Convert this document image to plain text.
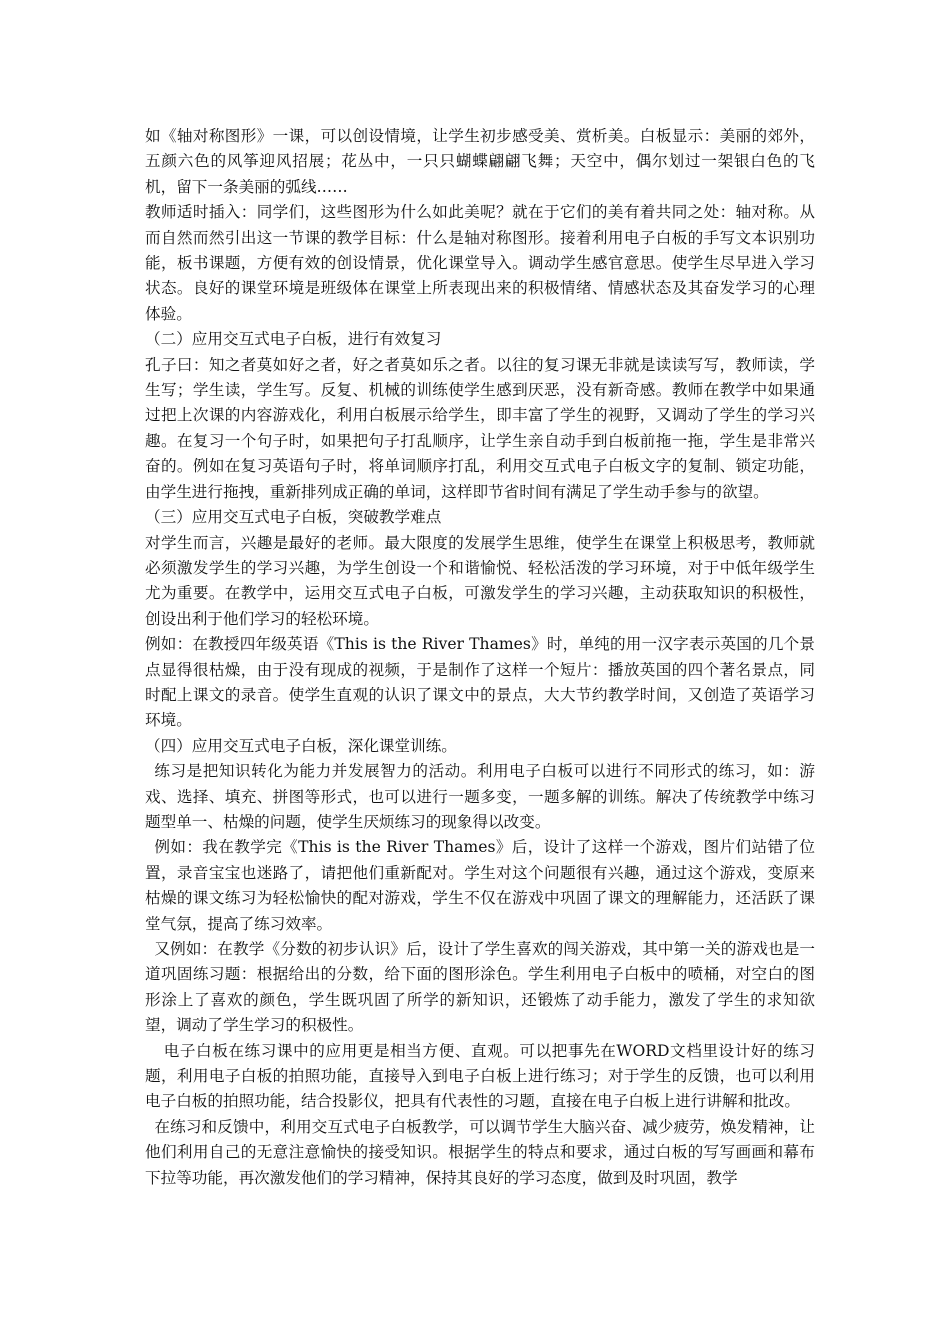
如《轴对称图形》一课，可以创设情境，让学生初步感受美、赏析美。白板显示：美丽的郊外，五颜六色的风筝迎风招展；花丛中，一只只蝴蝶翩翩飞舞；天空中，偶尔划过一架银白色的飞机，留下一条美丽的弧线……

教师适时插入：同学们，这些图形为什么如此美呢？就在于它们的美有着共同之处：轴对称。从而自然而然引出这一节课的教学目标：什么是轴对称图形。接着利用电子白板的手写文本识别功能，板书课题，方便有效的创设情景，优化课堂导入。调动学生感官意思。使学生尽早进入学习状态。良好的课堂环境是班级体在课堂上所表现出来的积极情绪、情感状态及其奋发学习的心理体验。

（二）应用交互式电子白板，进行有效复习

孔子曰：知之者莫如好之者，好之者莫如乐之者。以往的复习课无非就是读读写写，教师读，学生写；学生读，学生写。反复、机械的训练使学生感到厌恶，没有新奇感。教师在教学中如果通过把上次课的内容游戏化，利用白板展示给学生，即丰富了学生的视野，又调动了学生的学习兴趣。在复习一个句子时，如果把句子打乱顺序，让学生亲自动手到白板前拖一拖，学生是非常兴奋的。例如在复习英语句子时，将单词顺序打乱，利用交互式电子白板文字的复制、锁定功能，由学生进行拖拽，重新排列成正确的单词，这样即节省时间有满足了学生动手参与的欲望。

（三）应用交互式电子白板，突破教学难点

对学生而言，兴趣是最好的老师。最大限度的发展学生思维，使学生在课堂上积极思考，教师就必须激发学生的学习兴趣，为学生创设一个和谐愉悦、轻松活泼的学习环境，对于中低年级学生尤为重要。在教学中，运用交互式电子白板，可激发学生的学习兴趣，主动获取知识的积极性，创设出利于他们学习的轻松环境。

例如：在教授四年级英语《This is the River Thames》时，单纯的用一汉字表示英国的几个景点显得很枯燥，由于没有现成的视频，于是制作了这样一个短片：播放英国的四个著名景点，同时配上课文的录音。使学生直观的认识了课文中的景点，大大节约教学时间，又创造了英语学习环境。

（四）应用交互式电子白板，深化课堂训练。

练习是把知识转化为能力并发展智力的活动。利用电子白板可以进行不同形式的练习，如：游戏、选择、填充、拼图等形式，也可以进行一题多变，一题多解的训练。解决了传统教学中练习题型单一、枯燥的问题，使学生厌烦练习的现象得以改变。

例如：我在教学完《This is the River Thames》后，设计了这样一个游戏，图片们站错了位置，录音宝宝也迷路了，请把他们重新配对。学生对这个问题很有兴趣，通过这个游戏，变原来枯燥的课文练习为轻松愉快的配对游戏，学生不仅在游戏中巩固了课文的理解能力，还活跃了课堂气氛，提高了练习效率。

又例如：在教学《分数的初步认识》后，设计了学生喜欢的闯关游戏，其中第一关的游戏也是一道巩固练习题：根据给出的分数，给下面的图形涂色。学生利用电子白板中的喷桶，对空白的图形涂上了喜欢的颜色，学生既巩固了所学的新知识，还锻炼了动手能力，激发了学生的求知欲望，调动了学生学习的积极性。

电子白板在练习课中的应用更是相当方便、直观。可以把事先在WORD文档里设计好的练习题，利用电子白板的拍照功能，直接导入到电子白板上进行练习；对于学生的反馈，也可以利用电子白板的拍照功能，结合投影仪，把具有代表性的习题，直接在电子白板上进行讲解和批改。

在练习和反馈中，利用交互式电子白板教学，可以调节学生大脑兴奋、减少疲劳，焕发精神，让他们利用自己的无意注意愉快的接受知识。根据学生的特点和要求，通过白板的写写画画和幕布下拉等功能，再次激发他们的学习精神，保持其良好的学习态度，做到及时巩固，教学
